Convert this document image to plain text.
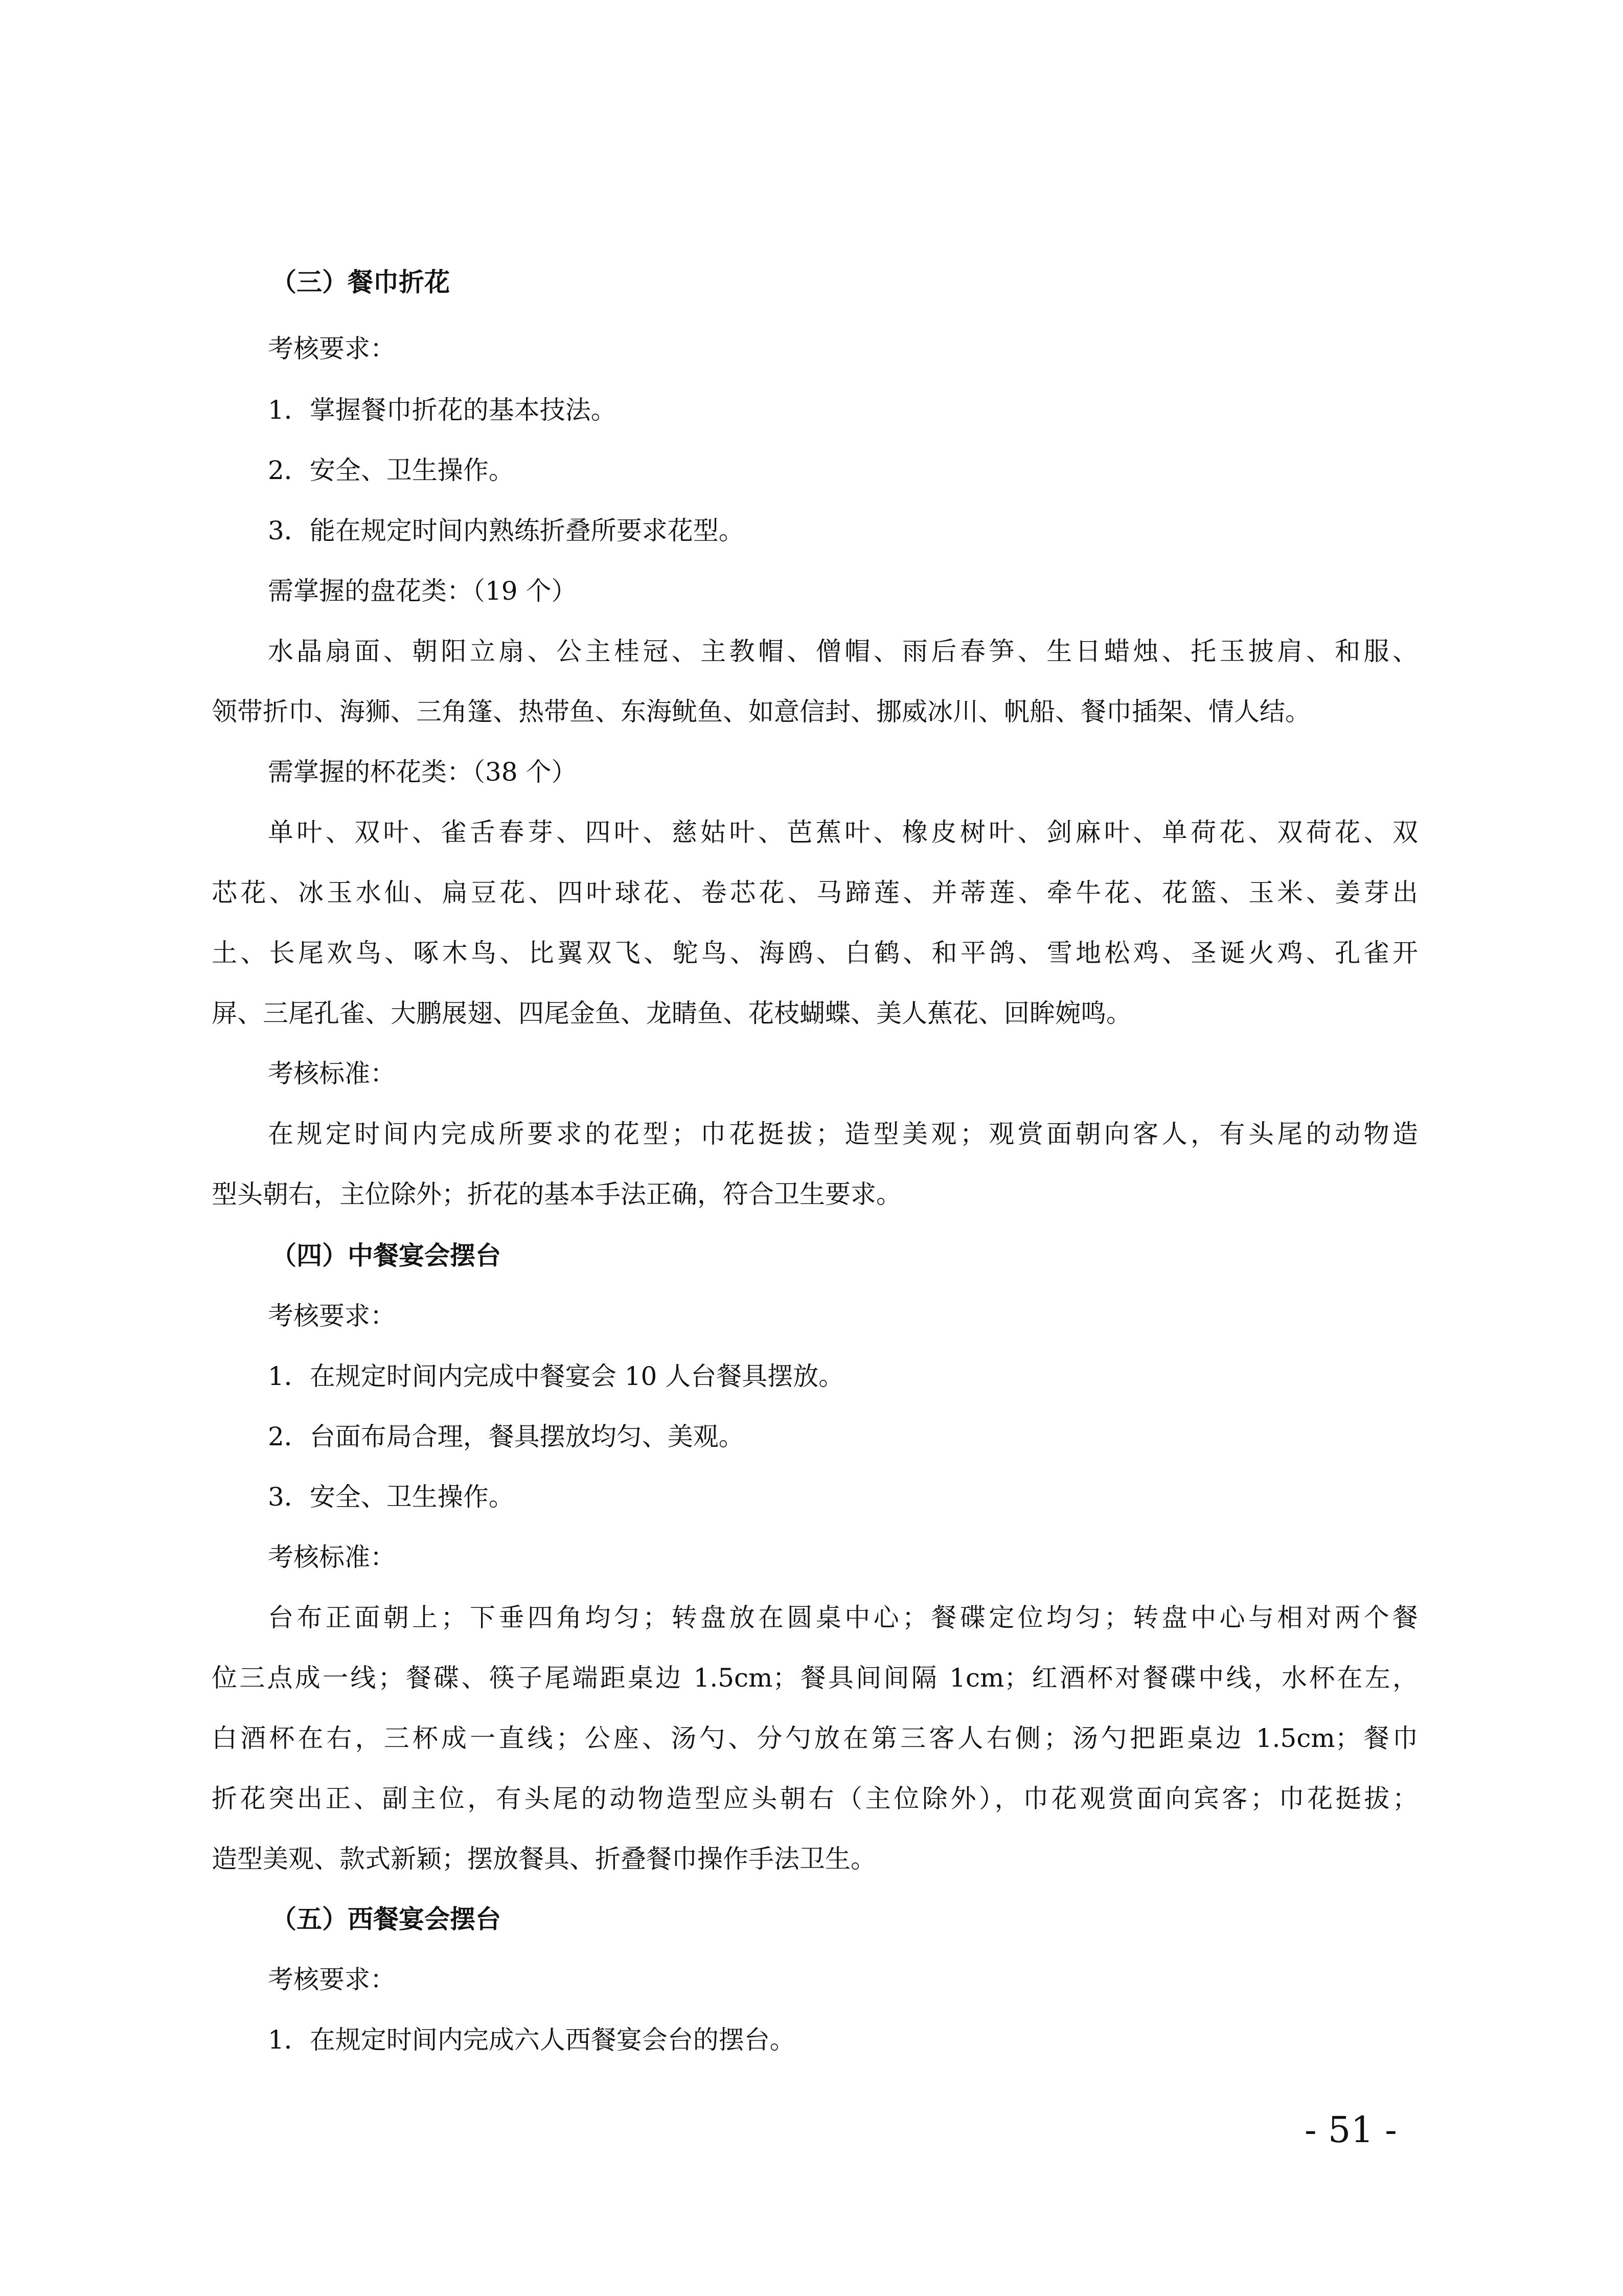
（三）餐巾折花

考核要求：

1．掌握餐巾折花的基本技法。

2．安全、卫生操作。

3．能在规定时间内熟练折叠所要求花型。

需掌握的盘花类：（19 个）

水晶扇面、朝阳立扇、公主桂冠、主教帽、僧帽、雨后春笋、生日蜡烛、托玉披肩、和服、

领带折巾、海狮、三角篷、热带鱼、东海鱿鱼、如意信封、挪威冰川、帆船、餐巾插架、情人结。

需掌握的杯花类：（38 个）

单叶、双叶、雀舌春芽、四叶、慈姑叶、芭蕉叶、橡皮树叶、剑麻叶、单荷花、双荷花、双

芯花、冰玉水仙、扁豆花、四叶球花、卷芯花、马蹄莲、并蒂莲、牵牛花、花篮、玉米、姜芽出

土、长尾欢鸟、啄木鸟、比翼双飞、鸵鸟、海鸥、白鹤、和平鸽、雪地松鸡、圣诞火鸡、孔雀开

屏、三尾孔雀、大鹏展翅、四尾金鱼、龙睛鱼、花枝蝴蝶、美人蕉花、回眸婉鸣。

考核标准：

在规定时间内完成所要求的花型；巾花挺拔；造型美观；观赏面朝向客人，有头尾的动物造

型头朝右，主位除外；折花的基本手法正确，符合卫生要求。

（四）中餐宴会摆台

考核要求：

1．在规定时间内完成中餐宴会 10 人台餐具摆放。

2．台面布局合理，餐具摆放均匀、美观。

3．安全、卫生操作。

考核标准：

台布正面朝上；下垂四角均匀；转盘放在圆桌中心；餐碟定位均匀；转盘中心与相对两个餐

位三点成一线；餐碟、筷子尾端距桌边 1.5cm；餐具间间隔 1cm；红酒杯对餐碟中线，水杯在左，

白酒杯在右，三杯成一直线；公座、汤勺、分勺放在第三客人右侧；汤勺把距桌边 1.5cm；餐巾

折花突出正、副主位，有头尾的动物造型应头朝右（主位除外），巾花观赏面向宾客；巾花挺拔；

造型美观、款式新颖；摆放餐具、折叠餐巾操作手法卫生。

（五）西餐宴会摆台

考核要求：

1．在规定时间内完成六人西餐宴会台的摆台。

- 51 -
